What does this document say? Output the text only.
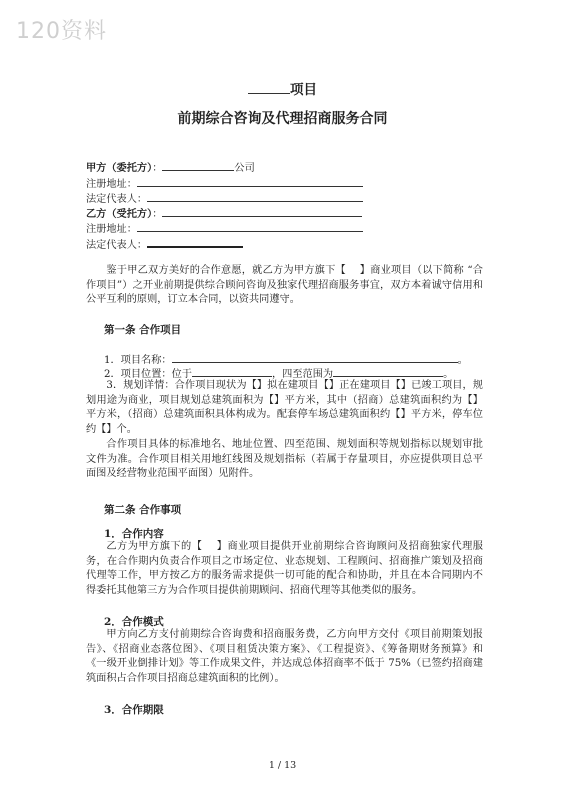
120资料
项目
前期综合咨询及代理招商服务合同
甲方（委托方）：	公司
注册地址：
法定代表人：
乙方（受托方）：
注册地址：
法定代表人：
鉴于甲乙双方美好的合作意愿，就乙方为甲方旗下【 　】商业项目（以下简称 “合作项目”）之开业前期提供综合顾问咨询及独家代理招商服务事宜，双方本着诚守信用和公平互利的原则，订立本合同，以资共同遵守。
第一条 合作项目
1．项目名称：	。
2．项目位置：位于	，四至范围为	。
3．规划详情：合作项目现状为【】拟在建项目【】正在建项目【】已竣工项目，规划用途为商业，项目规划总建筑面积为【】平方米，其中（招商）总建筑面积约为【】平方米，（招商）总建筑面积具体构成为。配套停车场总建筑面积约【】平方米，停车位约【】个。
合作项目具体的标准地名、地址位置、四至范围、规划面积等规划指标以规划审批文件为准。合作项目相关用地红线图及规划指标（若属于存量项目，亦应提供项目总平面图及经营物业范围平面图）见附件。
第二条 合作事项
1．合作内容
乙方为甲方旗下的【 　】商业项目提供开业前期综合咨询顾问及招商独家代理服务，在合作期内负责合作项目之市场定位、业态规划、工程顾问、招商推广策划及招商代理等工作，甲方按乙方的服务需求提供一切可能的配合和协助，并且在本合同期内不得委托其他第三方为合作项目提供前期顾问、招商代理等其他类似的服务。
2．合作模式
甲方向乙方支付前期综合咨询费和招商服务费，乙方向甲方交付《项目前期策划报告》、《招商业态落位图》、《项目租赁决策方案》、《工程提资》、《筹备期财务预算》和《一级开业倒排计划》等工作成果文件，并达成总体招商率不低于 75%（已签约招商建筑面积占合作项目招商总建筑面积的比例）。
3．合作期限
1 / 13
